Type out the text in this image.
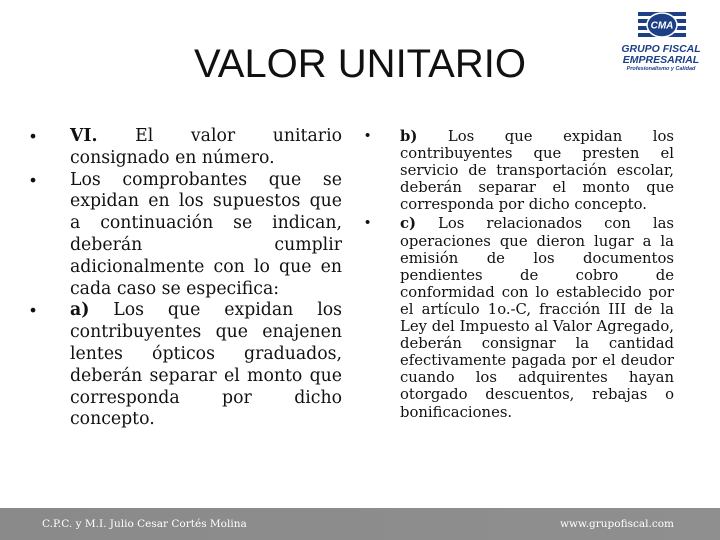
VALOR UNITARIO
CMA
GRUPO FISCAL
EMPRESARIAL
Profesionalismo y Calidad
• VI. El valor unitario consignado en número.
• Los comprobantes que se expidan en los supuestos que a continuación se indican, deberán cumplir adicionalmente con lo que en cada caso se especifica:
• a) Los que expidan los contribuyentes que enajenen lentes ópticos graduados, deberán separar el monto que corresponda por dicho concepto.
• b) Los que expidan los contribuyentes que presten el servicio de transportación escolar, deberán separar el monto que corresponda por dicho concepto.
• c) Los relacionados con las operaciones que dieron lugar a la emisión de los documentos pendientes de cobro de conformidad con lo establecido por el artículo 1o.-C, fracción III de la Ley del Impuesto al Valor Agregado, deberán consignar la cantidad efectivamente pagada por el deudor cuando los adquirentes hayan otorgado descuentos, rebajas o bonificaciones.
C.P.C. y M.I. Julio Cesar Cortés Molina	www.grupofiscal.com
